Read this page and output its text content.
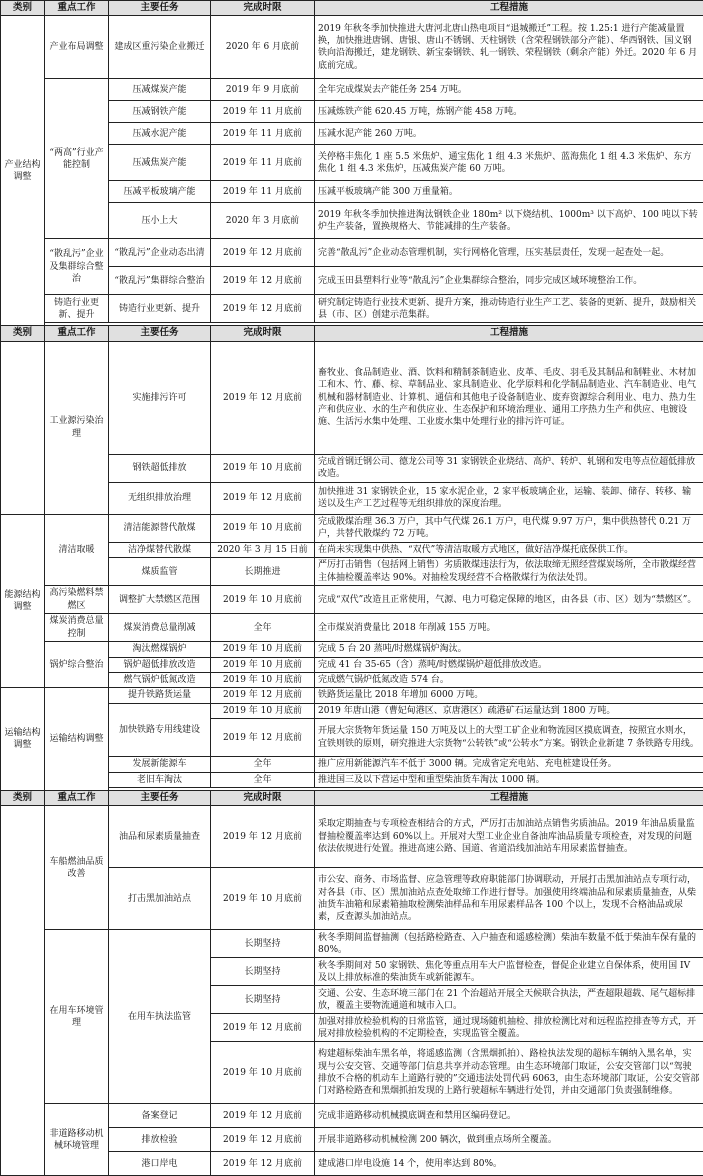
类别	重点工作	主要任务	完成时限	工程措施
产业结构调整	产业布局调整	建成区重污染企业搬迁	2020 年 6 月底前	2019 年秋冬季加快推进大唐河北唐山热电项目“退城搬迁”工程。按 1.25:1 进行产能减量置换，加快推进唐钢、唐银、唐山不锈钢、天柱钢铁（含荣程钢铁部分产能）、华西钢铁、国义钢铁向沿海搬迁，建龙钢铁、新宝泰钢铁、轧一钢铁、荣程钢铁（剩余产能）外迁。2020 年 6 月底前完成。
	“两高”行业产能控制	压减煤炭产能	2019 年 9 月底前	全年完成煤炭去产能任务 254 万吨。
		压减钢铁产能	2019 年 11 月底前	压减炼铁产能 620.45 万吨，炼钢产能 458 万吨。
		压减水泥产能	2019 年 11 月底前	压减水泥产能 260 万吨。
		压减焦炭产能	2019 年 11 月底前	关停格丰焦化 1 座 5.5 米焦炉、通宝焦化 1 组 4.3 米焦炉、蓝海焦化 1 组 4.3 米焦炉、东方焦化 1 组 4.3 米焦炉，压减焦炭产能 60 万吨。
		压减平板玻璃产能	2019 年 11 月底前	压减平板玻璃产能 300 万重量箱。
		压小上大	2020 年 3 月底前	2019 年秋冬季加快推进淘汰钢铁企业 180m² 以下烧结机、1000m³ 以下高炉、100 吨以下转炉生产装备，置换规格大、节能减排的生产装备。
	“散乱污”企业及集群综合整治	“散乱污”企业动态出清	2019 年 12 月底前	完善“散乱污”企业动态管理机制，实行网格化管理，压实基层责任，发现一起查处一起。
		“散乱污”集群综合整治	2019 年 12 月底前	完成玉田县塑料行业等“散乱污”企业集群综合整治，同步完成区域环境整治工作。
	铸造行业更新、提升	铸造行业更新、提升	2019 年 12 月底前	研究制定铸造行业技术更新、提升方案，推动铸造行业生产工艺、装备的更新、提升，鼓励相关县（市、区）创建示范集群。

类别	重点工作	主要任务	完成时限	工程措施
	工业源污染治理	实施排污许可	2019 年 12 月底前	畜牧业、食品制造业、酒、饮料和精制茶制造业、皮革、毛皮、羽毛及其制品和制鞋业、木材加工和木、竹、藤、棕、草制品业、家具制造业、化学原料和化学制品制造业、汽车制造业、电气机械和器材制造业、计算机、通信和其他电子设备制造业、废弃资源综合利用业、电力、热力生产和供应业、水的生产和供应业、生态保护和环境治理业、通用工序热力生产和供应、电镀设施、生活污水集中处理、工业废水集中处理行业的排污许可证。
		钢铁超低排放	2019 年 10 月底前	完成首钢迁钢公司、德龙公司等 31 家钢铁企业烧结、高炉、转炉、轧钢和发电等点位超低排放改造。
		无组织排放治理	2019 年 12 月底前	加快推进 31 家钢铁企业，15 家水泥企业，2 家平板玻璃企业，运输、装卸、储存、转移、输送以及生产工艺过程等无组织排放的深度治理。
能源结构调整	清洁取暖	清洁能源替代散煤	2019 年 10 月底前	完成散煤治理 36.3 万户，其中气代煤 26.1 万户，电代煤 9.97 万户，集中供热替代 0.21 万户，共替代散煤约 72 万吨。
		洁净煤替代散煤	2020 年 3 月 15 日前	在尚未实现集中供热、“双代”等清洁取暖方式地区，做好洁净煤托底保供工作。
		煤质监管	长期推进	严厉打击销售（包括网上销售）劣质散煤违法行为，依法取缔无照经营煤炭场所，全市散煤经营主体抽检覆盖率达 90%。对抽检发现经营不合格散煤行为依法处罚。
	高污染燃料禁燃区	调整扩大禁燃区范围	2019 年 10 月底前	完成“双代”改造且正常使用，气源、电力可稳定保障的地区，由各县（市、区）划为“禁燃区”。
	煤炭消费总量控制	煤炭消费总量削减	全年	全市煤炭消费量比 2018 年削减 155 万吨。
	锅炉综合整治	淘汰燃煤锅炉	2019 年 10 月底前	完成 5 台 20 蒸吨/时燃煤锅炉淘汰。
		锅炉超低排放改造	2019 年 10 月底前	完成 41 台 35-65（含）蒸吨/时燃煤锅炉超低排放改造。
		燃气锅炉低氮改造	2019 年 10 月底前	完成燃气锅炉低氮改造 574 台。
运输结构调整	运输结构调整	提升铁路货运量	2019 年 12 月底前	铁路货运量比 2018 年增加 6000 万吨。
		加快铁路专用线建设	2019 年 10 月底前	2019 年唐山港（曹妃甸港区、京唐港区）疏港矿石运量达到 1800 万吨。
			2019 年 12 月底前	开展大宗货物年货运量 150 万吨及以上的大型工矿企业和物流园区摸底调查，按照宜水则水，宜铁则铁的原则，研究推进大宗货物“公转铁”或“公转水”方案。钢铁企业新建 7 条铁路专用线。
		发展新能源车	全年	推广应用新能源汽车不低于 3000 辆。完成省定充电站、充电桩建设任务。
		老旧车淘汰	全年	推进国三及以下营运中型和重型柴油货车淘汰 1000 辆。

类别	重点工作	主要任务	完成时限	工程措施
	车船燃油品质改善	油品和尿素质量抽查	2019 年 12 月底前	采取定期抽查与专项检查相结合的方式，严厉打击加油站点销售劣质油品。2019 年油品质量监督抽检覆盖率达到 60%以上。开展对大型工业企业自备油库油品质量专项检查，对发现的问题依法依规进行处置。推进高速公路、国道、省道沿线加油站车用尿素监督抽查。
		打击黑加油站点	2019 年 10 月底前	市公安、商务、市场监督、应急管理等政府职能部门协调联动，开展打击黑加油站点专项行动，对各县（市、区）黑加油站点查处取缔工作进行督导。加强使用终端油品和尿素质量抽查，从柴油货车油箱和尿素箱抽取检测柴油样品和车用尿素样品各 100 个以上，发现不合格油品或尿素，反查源头加油站点。
	在用车环境管理	在用车执法监管	长期坚持	秋冬季期间监督抽测（包括路检路查、入户抽查和遥感检测）柴油车数量不低于柴油车保有量的 80%。
			长期坚持	秋冬季期间对 50 家钢铁、焦化等重点用车大户监督检查，督促企业建立自保体系，使用国 IV 及以上排放标准的柴油货车或新能源车。
			长期坚持	交通、公安、生态环境三部门在 21 个治超站开展全天候联合执法，严查超限超载、尾气超标排放，覆盖主要物流通道和城市入口。
			2019 年 12 月底前	加强对排放检验机构的日常监管，通过现场随机抽检、排放检测比对和远程监控排查等方式，开展对排放检验机构的不定期检查，实现监管全覆盖。
			2019 年 10 月底前	构建超标柴油车黑名单，将遥感监测（含黑烟抓拍）、路检执法发现的超标车辆纳入黑名单，实现与公安交管、交通等部门信息共享并动态管理。由生态环境部门取证，公安交管部门以“驾驶排放不合格的机动车上道路行驶的”交通违法处罚代码 6063，由生态环境部门取证，公安交管部门对路检路查和黑烟抓拍发现的上路行驶超标车辆进行处罚，并由交通部门负责强制维修。
	非道路移动机械环境管理	备案登记	2019 年 12 月底前	完成非道路移动机械摸底调查和禁用区编码登记。
		排放检验	2019 年 12 月底前	开展非道路移动机械检测 200 辆次，做到重点场所全覆盖。
		港口岸电	2019 年 12 月底前	建成港口岸电设施 14 个，使用率达到 80%。
